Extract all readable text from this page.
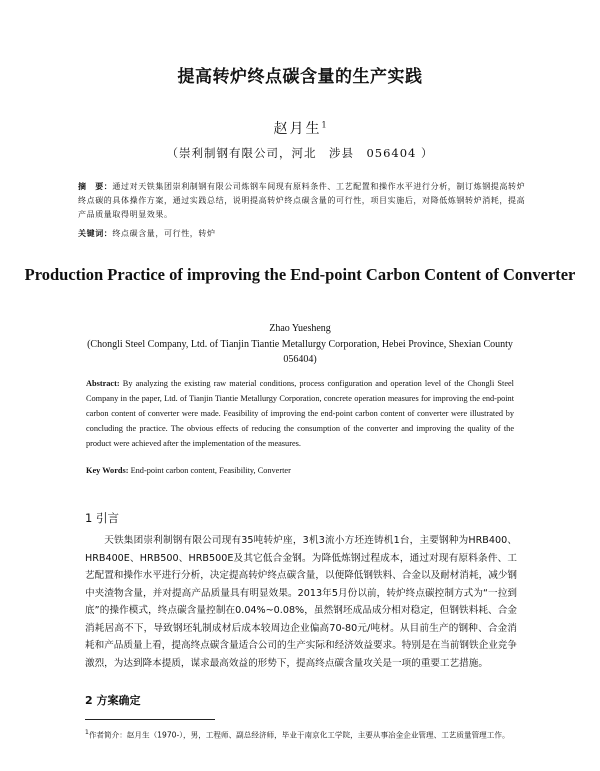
提高转炉终点碳含量的生产实践
赵月生$^1$
（崇利制钢有限公司，河北　涉县　056404 ）
摘　要：通过对天铁集团崇利制钢有限公司炼钢车间现有原料条件、工艺配置和操作水平进行分析，制订炼钢提高转炉终点碳的具体操作方案，通过实践总结，说明提高转炉终点碳含量的可行性，项目实施后，对降低炼钢转炉消耗，提高产品质量取得明显效果。
关键词：终点碳含量，可行性，转炉
Production Practice of improving the End-point Carbon Content of Converter
Zhao Yuesheng
(Chongli Steel Company, Ltd. of Tianjin Tiantie Metallurgy Corporation, Hebei Province, Shexian County 056404)
Abstract: By analyzing the existing raw material conditions, process configuration and operation level of the Chongli Steel Company in the paper, Ltd. of Tianjin Tiantie Metallurgy Corporation, concrete operation measures for improving the end-point carbon content of converter were made. Feasibility of improving the end-point carbon content of converter were illustrated by concluding the practice. The obvious effects of reducing the consumption of the converter and improving the quality of the product were achieved after the implementation of the measures.
Key Words: End-point carbon content, Feasibility, Converter
1 引言
天铁集团崇利制钢有限公司现有35吨转炉座，3机3流小方坯连铸机1台，主要钢种为HRB400、HRB400E、HRB500、HRB500E及其它低合金钢。为降低炼钢过程成本，通过对现有原料条件、工艺配置和操作水平进行分析，决定提高转炉终点碳含量，以便降低钢铁料、合金以及耐材消耗，减少钢中夹渣物含量，并对提高产品质量具有明显效果。2013年5月份以前，转炉终点碳控制方式为“一拉到底”的操作模式，终点碳含量控制在0.04%~0.08%，虽然钢坯成品成分相对稳定，但钢铁料耗、合金消耗居高不下，导致钢坯轧制成材后成本较周边企业偏高70-80元/吨材。从目前生产的钢种、合金消耗和产品质量上看，提高终点碳含量适合公司的生产实际和经济效益要求。特别是在当前钢铁企业竞争激烈，为达到降本提质，谋求最高效益的形势下，提高终点碳含量攻关是一项的重要工艺措施。
2 方案确定
$^1$作者简介：赵月生（1970-），男，工程师、副总经济师，毕业于南京化工学院，主要从事冶金企业管理、工艺质量管理工作。
